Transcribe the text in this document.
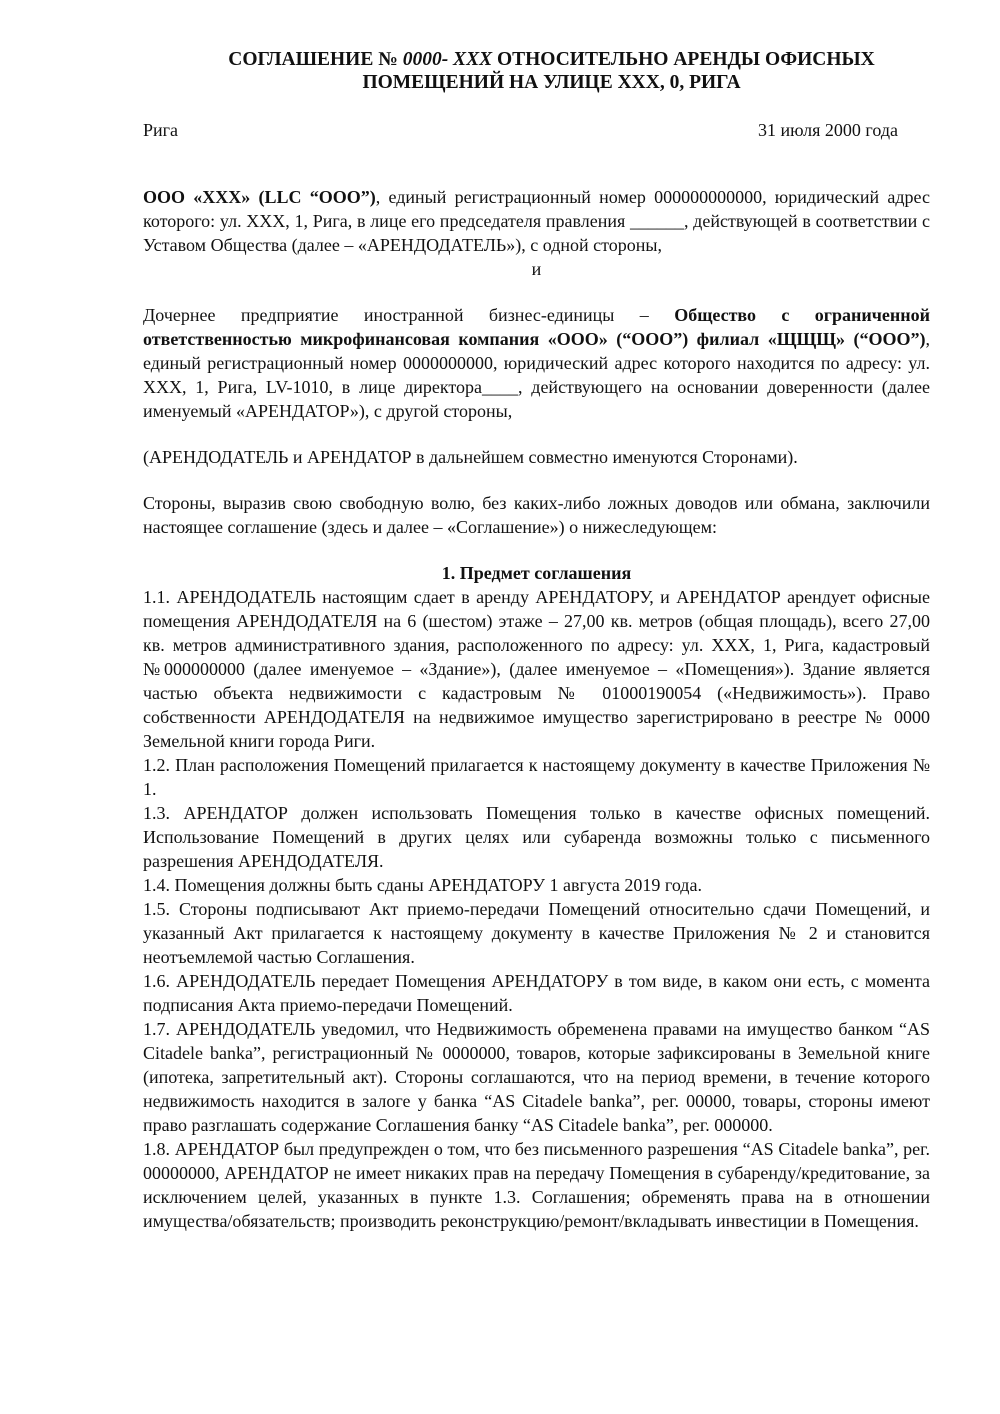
СОГЛАШЕНИЕ № 0000- XXX ОТНОСИТЕЛЬНО АРЕНДЫ ОФИСНЫХ
ПОМЕЩЕНИЙ НА УЛИЦЕ XXX, 0, РИГА
Рига	31 июля 2000 года

ООО «XXX» (LLC “OOO”), единый регистрационный номер 000000000000, юридический адрес которого: ул. XXX, 1, Рига, в лице его председателя правления ______, действующей в соответствии с Уставом Общества (далее – «АРЕНДОДАТЕЛЬ»), с одной стороны,

и

Дочернее предприятие иностранной бизнес-единицы – Общество с ограниченной ответственностью микрофинансовая компания «ООО» (“ООО”) филиал «ЩЩЩ» (“ООО”), единый регистрационный номер 0000000000, юридический адрес которого находится по адресу: ул. XXX, 1, Рига, LV-1010, в лице директора____, действующего на основании доверенности (далее именуемый «АРЕНДАТОР»), с другой стороны,

(АРЕНДОДАТЕЛЬ и АРЕНДАТОР в дальнейшем совместно именуются Сторонами).

Стороны, выразив свою свободную волю, без каких-либо ложных доводов или обмана, заключили настоящее соглашение (здесь и далее – «Соглашение») о нижеследующем:

1. Предмет соглашения

1.1. АРЕНДОДАТЕЛЬ настоящим сдает в аренду АРЕНДАТОРУ, и АРЕНДАТОР арендует офисные помещения АРЕНДОДАТЕЛЯ на 6 (шестом) этаже – 27,00 кв. метров (общая площадь), всего 27,00 кв. метров административного здания, расположенного по адресу: ул. XXX, 1, Рига, кадастровый №000000000 (далее именуемое – «Здание»), (далее именуемое – «Помещения»). Здание является частью объекта недвижимости с кадастровым № 01000190054 («Недвижимость»). Право собственности АРЕНДОДАТЕЛЯ на недвижимое имущество зарегистрировано в реестре № 0000 Земельной книги города Риги.

1.2. План расположения Помещений прилагается к настоящему документу в качестве Приложения № 1.

1.3. АРЕНДАТОР должен использовать Помещения только в качестве офисных помещений. Использование Помещений в других целях или субаренда возможны только с письменного разрешения АРЕНДОДАТЕЛЯ.

1.4. Помещения должны быть сданы АРЕНДАТОРУ 1 августа 2019 года.

1.5. Стороны подписывают Акт приемо-передачи Помещений относительно сдачи Помещений, и указанный Акт прилагается к настоящему документу в качестве Приложения № 2 и становится неотъемлемой частью Соглашения.

1.6. АРЕНДОДАТЕЛЬ передает Помещения АРЕНДАТОРУ в том виде, в каком они есть, с момента подписания Акта приемо-передачи Помещений.

1.7. АРЕНДОДАТЕЛЬ уведомил, что Недвижимость обременена правами на имущество банком “AS Citadele banka”, регистрационный № 0000000, товаров, которые зафиксированы в Земельной книге (ипотека, запретительный акт). Стороны соглашаются, что на период времени, в течение которого недвижимость находится в залоге у банка “AS Citadele banka”, рег. 00000, товары, стороны имеют право разглашать содержание Соглашения банку “AS Citadele banka”, рег. 000000.

1.8. АРЕНДАТОР был предупрежден о том, что без письменного разрешения “AS Citadele banka”, рег. 00000000, АРЕНДАТОР не имеет никаких прав на передачу Помещения в субаренду/кредитование, за исключением целей, указанных в пункте 1.3. Соглашения; обременять права на в отношении имущества/обязательств; производить реконструкцию/ремонт/вкладывать инвестиции в Помещения.
